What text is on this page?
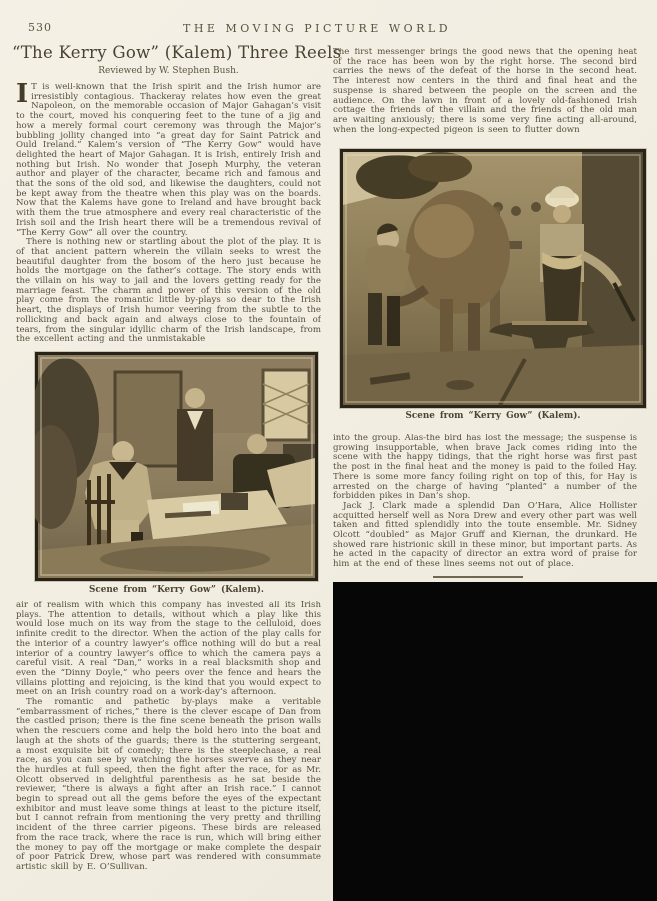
530	THE MOVING PICTURE WORLD
“The Kerry Gow” (Kalem) Three Reels
Reviewed by W. Stephen Bush.

I T is well-known that the Irish spirit and the Irish humor are irresistibly contagious. Thackeray relates how even the great Napoleon, on the memorable occasion of Major Gahagan’s visit to the court, moved his conquering feet to the tune of a jig and how a merely formal court ceremony was through the Major’s bubbling jollity changed into “a great day for Saint Patrick and Ould Ireland.” Kalem’s version of “The Kerry Gow” would have delighted the heart of Major Gahagan. It is Irish, entirely Irish and nothing but Irish. No wonder that Joseph Murphy, the veteran author and player of the character, became rich and famous and that the sons of the old sod, and likewise the daughters, could not be kept away from the theatre when this play was on the boards. Now that the Kalems have gone to Ireland and have brought back with them the true atmosphere and every real characteristic of the Irish soil and the Irish heart there will be a tremendous revival of “The Kerry Gow” all over the country.

There is nothing new or startling about the plot of the play. It is of that ancient pattern wherein the villain seeks to wrest the beautiful daughter from the bosom of the hero just because he holds the mortgage on the father’s cottage. The story ends with the villain on his way to jail and the lovers getting ready for the marriage feast. The charm and power of this version of the old play come from the romantic little by-plays so dear to the Irish heart, the displays of Irish humor veering from the subtle to the rollicking and back again and always close to the fountain of tears, from the singular idyllic charm of the Irish landscape, from the excellent acting and the unmistakable

Scene from “Kerry Gow” (Kalem).

air of realism with which this company has invested all its Irish plays. The attention to details, without which a play like this would lose much on its way from the stage to the celluloid, does infinite credit to the director. When the action of the play calls for the interior of a country lawyer’s office nothing will do but a real interior of a country lawyer’s office to which the camera pays a careful visit. A real “Dan,” works in a real blacksmith shop and even the “Dinny Doyle,” who peers over the fence and hears the villains plotting and rejoicing, is the kind that you would expect to meet on an Irish country road on a work-day’s afternoon.

The romantic and pathetic by-plays make a veritable “embarrassment of riches,” there is the clever escape of Dan from the castled prison; there is the fine scene beneath the prison walls when the rescuers come and help the bold hero into the boat and laugh at the shots of the guards; there is the stuttering sergeant, a most exquisite bit of comedy; there is the steeplechase, a real race, as you can see by watching the horses swerve as they near the hurdles at full speed, then the fight after the race, for as Mr. Olcott observed in delightful parenthesis as he sat beside the reviewer, “there is always a fight after an Irish race.” I cannot begin to spread out all the gems before the eyes of the expectant exhibitor and must leave some things at least to the picture itself, but I cannot refrain from mentioning the very pretty and thrilling incident of the three carrier pigeons. These birds are released from the race track, where the race is run, which will bring either the money to pay off the mortgage or make complete the despair of poor Patrick Drew, whose part was rendered with consummate artistic skill by E. O’Sullivan.

The first messenger brings the good news that the opening heat of the race has been won by the right horse. The second bird carries the news of the defeat of the horse in the second heat. The interest now centers in the third and final heat and the suspense is shared between the people on the screen and the audience. On the lawn in front of a lovely old-fashioned Irish cottage the friends of the villain and the friends of the old man are waiting anxiously; there is some very fine acting all-around, when the long-expected pigeon is seen to flutter down

Scene from “Kerry Gow” (Kalem).

into the group. Alas-the bird has lost the message; the suspense is growing insupportable, when brave Jack comes riding into the scene with the happy tidings, that the right horse was first past the post in the final heat and the money is paid to the foiled Hay. There is some more fancy foiling right on top of this, for Hay is arrested on the charge of having “planted” a number of the forbidden pikes in Dan’s shop.

Jack J. Clark made a splendid Dan O’Hara, Alice Hollister acquitted herself well as Nora Drew and every other part was well taken and fitted splendidly into the toute ensemble. Mr. Sidney Olcott “doubled” as Major Gruff and Kiernan, the drunkard. He showed rare histrionic skill in these minor, but important parts. As he acted in the capacity of director an extra word of praise for him at the end of these lines seems not out of place.
